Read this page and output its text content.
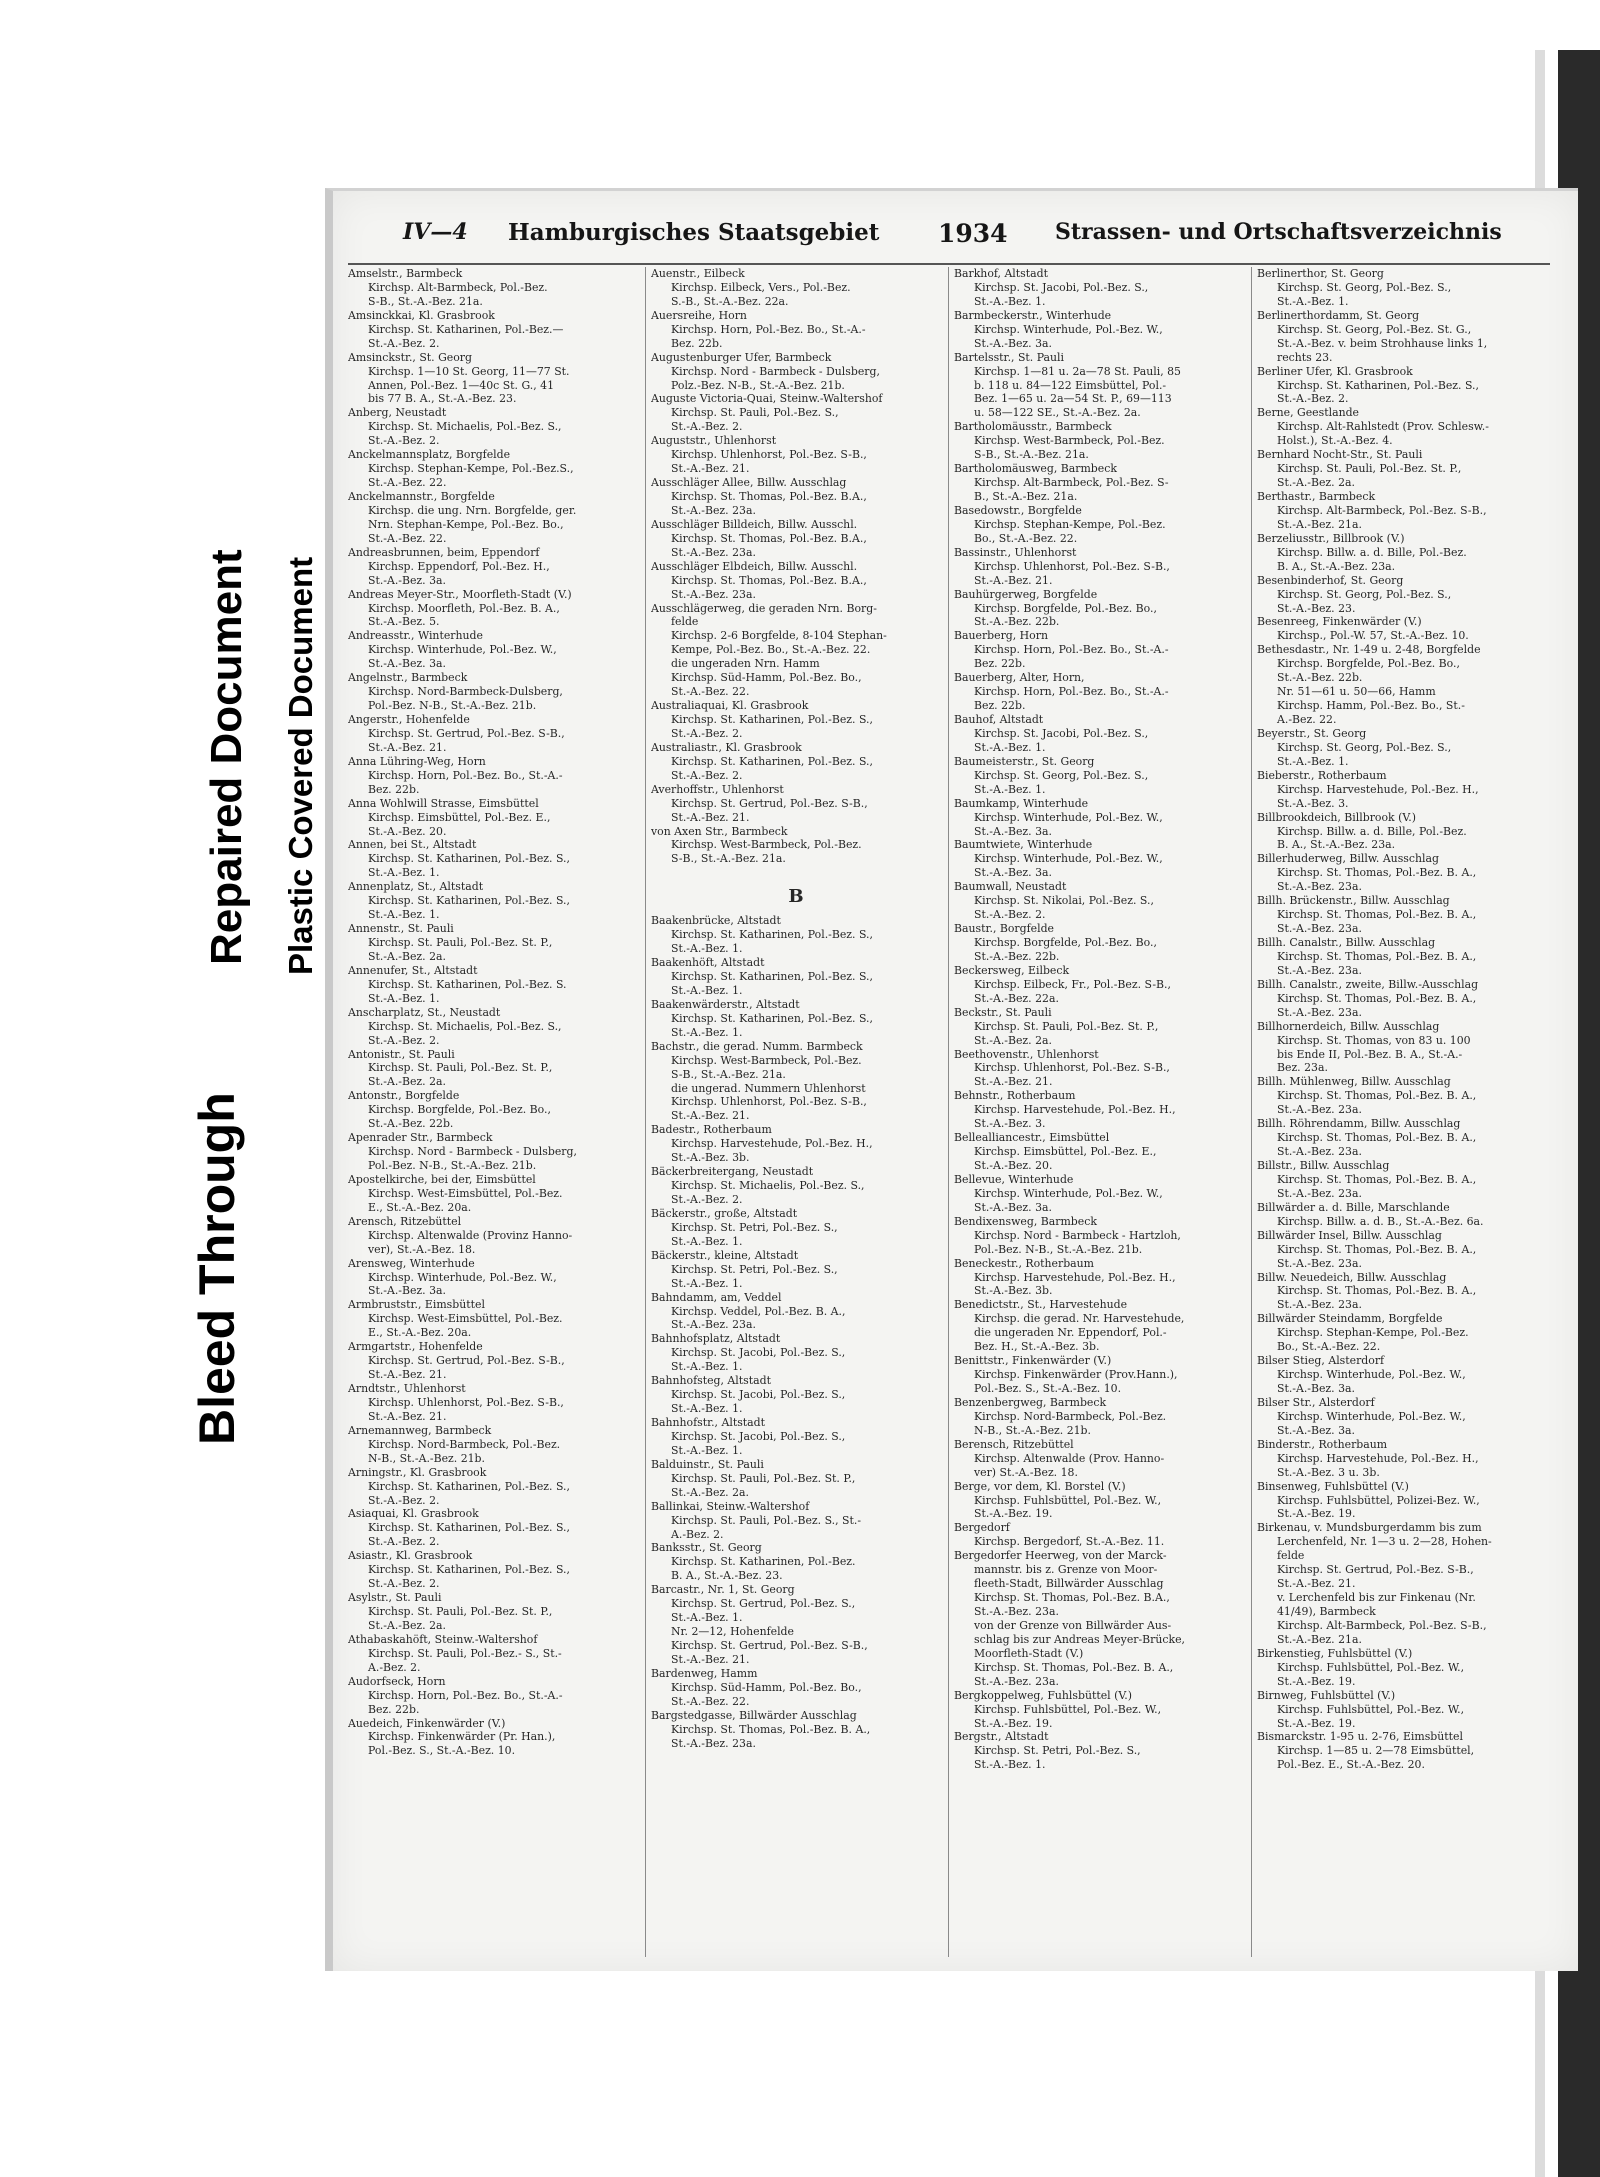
Bleed Through
Repaired Document Plastic Covered Document
IV—4 Hamburgisches Staatsgebiet 1934 Strassen- und Ortschaftsverzeichnis
Amselstr., Barmbeck
Kirchsp. Alt-Barmbeck, Pol.-Bez.
S-B., St.-A.-Bez. 21a.
Amsinckkai, Kl. Grasbrook
Kirchsp. St. Katharinen, Pol.-Bez.—
St.-A.-Bez. 2.
Amsinckstr., St. Georg
Kirchsp. 1—10 St. Georg, 11—77 St.
Annen, Pol.-Bez. 1—40c St. G., 41
bis 77 B. A., St.-A.-Bez. 23.
Anberg, Neustadt
Kirchsp. St. Michaelis, Pol.-Bez. S.,
St.-A.-Bez. 2.
Anckelmannsplatz, Borgfelde
Kirchsp. Stephan-Kempe, Pol.-Bez.S.,
St.-A.-Bez. 22.
Anckelmannstr., Borgfelde
Kirchsp. die ung. Nrn. Borgfelde, ger.
Nrn. Stephan-Kempe, Pol.-Bez. Bo.,
St.-A.-Bez. 22.
Andreasbrunnen, beim, Eppendorf
Kirchsp. Eppendorf, Pol.-Bez. H.,
St.-A.-Bez. 3a.
Andreas Meyer-Str., Moorfleth-Stadt (V.)
Kirchsp. Moorfleth, Pol.-Bez. B. A.,
St.-A.-Bez. 5.
Andreasstr., Winterhude
Kirchsp. Winterhude, Pol.-Bez. W.,
St.-A.-Bez. 3a.
Angelnstr., Barmbeck
Kirchsp. Nord-Barmbeck-Dulsberg,
Pol.-Bez. N-B., St.-A.-Bez. 21b.
Angerstr., Hohenfelde
Kirchsp. St. Gertrud, Pol.-Bez. S-B.,
St.-A.-Bez. 21.
Anna Lühring-Weg, Horn
Kirchsp. Horn, Pol.-Bez. Bo., St.-A.-
Bez. 22b.
Anna Wohlwill Strasse, Eimsbüttel
Kirchsp. Eimsbüttel, Pol.-Bez. E.,
St.-A.-Bez. 20.
Annen, bei St., Altstadt
Kirchsp. St. Katharinen, Pol.-Bez. S.,
St.-A.-Bez. 1.
Annenplatz, St., Altstadt
Kirchsp. St. Katharinen, Pol.-Bez. S.,
St.-A.-Bez. 1.
Annenstr., St. Pauli
Kirchsp. St. Pauli, Pol.-Bez. St. P.,
St.-A.-Bez. 2a.
Annenufer, St., Altstadt
Kirchsp. St. Katharinen, Pol.-Bez. S.
St.-A.-Bez. 1.
Anscharplatz, St., Neustadt
Kirchsp. St. Michaelis, Pol.-Bez. S.,
St.-A.-Bez. 2.
Antonistr., St. Pauli
Kirchsp. St. Pauli, Pol.-Bez. St. P.,
St.-A.-Bez. 2a.
Antonstr., Borgfelde
Kirchsp. Borgfelde, Pol.-Bez. Bo.,
St.-A.-Bez. 22b.
Apenrader Str., Barmbeck
Kirchsp. Nord - Barmbeck - Dulsberg,
Pol.-Bez. N-B., St.-A.-Bez. 21b.
Apostelkirche, bei der, Eimsbüttel
Kirchsp. West-Eimsbüttel, Pol.-Bez.
E., St.-A.-Bez. 20a.
Arensch, Ritzebüttel
Kirchsp. Altenwalde (Provinz Hanno-
ver), St.-A.-Bez. 18.
Arensweg, Winterhude
Kirchsp. Winterhude, Pol.-Bez. W.,
St.-A.-Bez. 3a.
Armbruststr., Eimsbüttel
Kirchsp. West-Eimsbüttel, Pol.-Bez.
E., St.-A.-Bez. 20a.
Armgartstr., Hohenfelde
Kirchsp. St. Gertrud, Pol.-Bez. S-B.,
St.-A.-Bez. 21.
Arndtstr., Uhlenhorst
Kirchsp. Uhlenhorst, Pol.-Bez. S-B.,
St.-A.-Bez. 21.
Arnemannweg, Barmbeck
Kirchsp. Nord-Barmbeck, Pol.-Bez.
N-B., St.-A.-Bez. 21b.
Arningstr., Kl. Grasbrook
Kirchsp. St. Katharinen, Pol.-Bez. S.,
St.-A.-Bez. 2.
Asiaquai, Kl. Grasbrook
Kirchsp. St. Katharinen, Pol.-Bez. S.,
St.-A.-Bez. 2.
Asiastr., Kl. Grasbrook
Kirchsp. St. Katharinen, Pol.-Bez. S.,
St.-A.-Bez. 2.
Asylstr., St. Pauli
Kirchsp. St. Pauli, Pol.-Bez. St. P.,
St.-A.-Bez. 2a.
Athabaskahöft, Steinw.-Waltershof
Kirchsp. St. Pauli, Pol.-Bez.- S., St.-
A.-Bez. 2.
Audorfseck, Horn
Kirchsp. Horn, Pol.-Bez. Bo., St.-A.-
Bez. 22b.
Auedeich, Finkenwärder (V.)
Kirchsp. Finkenwärder (Pr. Han.),
Pol.-Bez. S., St.-A.-Bez. 10.
Auenstr., Eilbeck
Kirchsp. Eilbeck, Vers., Pol.-Bez.
S.-B., St.-A.-Bez. 22a.
Auersreihe, Horn
Kirchsp. Horn, Pol.-Bez. Bo., St.-A.-
Bez. 22b.
Augustenburger Ufer, Barmbeck
Kirchsp. Nord - Barmbeck - Dulsberg,
Polz.-Bez. N-B., St.-A.-Bez. 21b.
Auguste Victoria-Quai, Steinw.-Waltershof
Kirchsp. St. Pauli, Pol.-Bez. S.,
St.-A.-Bez. 2.
Auguststr., Uhlenhorst
Kirchsp. Uhlenhorst, Pol.-Bez. S-B.,
St.-A.-Bez. 21.
Ausschläger Allee, Billw. Ausschlag
Kirchsp. St. Thomas, Pol.-Bez. B.A.,
St.-A.-Bez. 23a.
Ausschläger Billdeich, Billw. Ausschl.
Kirchsp. St. Thomas, Pol.-Bez. B.A.,
St.-A.-Bez. 23a.
Ausschläger Elbdeich, Billw. Ausschl.
Kirchsp. St. Thomas, Pol.-Bez. B.A.,
St.-A.-Bez. 23a.
Ausschlägerweg, die geraden Nrn. Borg-
felde
Kirchsp. 2-6 Borgfelde, 8-104 Stephan-
Kempe, Pol.-Bez. Bo., St.-A.-Bez. 22.
die ungeraden Nrn. Hamm
Kirchsp. Süd-Hamm, Pol.-Bez. Bo.,
St.-A.-Bez. 22.
Australiaquai, Kl. Grasbrook
Kirchsp. St. Katharinen, Pol.-Bez. S.,
St.-A.-Bez. 2.
Australiastr., Kl. Grasbrook
Kirchsp. St. Katharinen, Pol.-Bez. S.,
St.-A.-Bez. 2.
Averhoffstr., Uhlenhorst
Kirchsp. St. Gertrud, Pol.-Bez. S-B.,
St.-A.-Bez. 21.
von Axen Str., Barmbeck
Kirchsp. West-Barmbeck, Pol.-Bez.
S-B., St.-A.-Bez. 21a.
B
Baakenbrücke, Altstadt
Kirchsp. St. Katharinen, Pol.-Bez. S.,
St.-A.-Bez. 1.
Baakenhöft, Altstadt
Kirchsp. St. Katharinen, Pol.-Bez. S.,
St.-A.-Bez. 1.
Baakenwärderstr., Altstadt
Kirchsp. St. Katharinen, Pol.-Bez. S.,
St.-A.-Bez. 1.
Bachstr., die gerad. Numm. Barmbeck
Kirchsp. West-Barmbeck, Pol.-Bez.
S-B., St.-A.-Bez. 21a.
die ungerad. Nummern Uhlenhorst
Kirchsp. Uhlenhorst, Pol.-Bez. S-B.,
St.-A.-Bez. 21.
Badestr., Rotherbaum
Kirchsp. Harvestehude, Pol.-Bez. H.,
St.-A.-Bez. 3b.
Bäckerbreitergang, Neustadt
Kirchsp. St. Michaelis, Pol.-Bez. S.,
St.-A.-Bez. 2.
Bäckerstr., große, Altstadt
Kirchsp. St. Petri, Pol.-Bez. S.,
St.-A.-Bez. 1.
Bäckerstr., kleine, Altstadt
Kirchsp. St. Petri, Pol.-Bez. S.,
St.-A.-Bez. 1.
Bahndamm, am, Veddel
Kirchsp. Veddel, Pol.-Bez. B. A.,
St.-A.-Bez. 23a.
Bahnhofsplatz, Altstadt
Kirchsp. St. Jacobi, Pol.-Bez. S.,
St.-A.-Bez. 1.
Bahnhofsteg, Altstadt
Kirchsp. St. Jacobi, Pol.-Bez. S.,
St.-A.-Bez. 1.
Bahnhofstr., Altstadt
Kirchsp. St. Jacobi, Pol.-Bez. S.,
St.-A.-Bez. 1.
Balduinstr., St. Pauli
Kirchsp. St. Pauli, Pol.-Bez. St. P.,
St.-A.-Bez. 2a.
Ballinkai, Steinw.-Waltershof
Kirchsp. St. Pauli, Pol.-Bez. S., St.-
A.-Bez. 2.
Banksstr., St. Georg
Kirchsp. St. Katharinen, Pol.-Bez.
B. A., St.-A.-Bez. 23.
Barcastr., Nr. 1, St. Georg
Kirchsp. St. Gertrud, Pol.-Bez. S.,
St.-A.-Bez. 1.
Nr. 2—12, Hohenfelde
Kirchsp. St. Gertrud, Pol.-Bez. S-B.,
St.-A.-Bez. 21.
Bardenweg, Hamm
Kirchsp. Süd-Hamm, Pol.-Bez. Bo.,
St.-A.-Bez. 22.
Bargstedgasse, Billwärder Ausschlag
Kirchsp. St. Thomas, Pol.-Bez. B. A.,
St.-A.-Bez. 23a.
Barkhof, Altstadt
Kirchsp. St. Jacobi, Pol.-Bez. S.,
St.-A.-Bez. 1.
Barmbeckerstr., Winterhude
Kirchsp. Winterhude, Pol.-Bez. W.,
St.-A.-Bez. 3a.
Bartelsstr., St. Pauli
Kirchsp. 1—81 u. 2a—78 St. Pauli, 85
b. 118 u. 84—122 Eimsbüttel, Pol.-
Bez. 1—65 u. 2a—54 St. P., 69—113
u. 58—122 SE., St.-A.-Bez. 2a.
Bartholomäusstr., Barmbeck
Kirchsp. West-Barmbeck, Pol.-Bez.
S-B., St.-A.-Bez. 21a.
Bartholomäusweg, Barmbeck
Kirchsp. Alt-Barmbeck, Pol.-Bez. S-
B., St.-A.-Bez. 21a.
Basedowstr., Borgfelde
Kirchsp. Stephan-Kempe, Pol.-Bez.
Bo., St.-A.-Bez. 22.
Bassinstr., Uhlenhorst
Kirchsp. Uhlenhorst, Pol.-Bez. S-B.,
St.-A.-Bez. 21.
Bauhürgerweg, Borgfelde
Kirchsp. Borgfelde, Pol.-Bez. Bo.,
St.-A.-Bez. 22b.
Bauerberg, Horn
Kirchsp. Horn, Pol.-Bez. Bo., St.-A.-
Bez. 22b.
Bauerberg, Alter, Horn,
Kirchsp. Horn, Pol.-Bez. Bo., St.-A.-
Bez. 22b.
Bauhof, Altstadt
Kirchsp. St. Jacobi, Pol.-Bez. S.,
St.-A.-Bez. 1.
Baumeisterstr., St. Georg
Kirchsp. St. Georg, Pol.-Bez. S.,
St.-A.-Bez. 1.
Baumkamp, Winterhude
Kirchsp. Winterhude, Pol.-Bez. W.,
St.-A.-Bez. 3a.
Baumtwiete, Winterhude
Kirchsp. Winterhude, Pol.-Bez. W.,
St.-A.-Bez. 3a.
Baumwall, Neustadt
Kirchsp. St. Nikolai, Pol.-Bez. S.,
St.-A.-Bez. 2.
Baustr., Borgfelde
Kirchsp. Borgfelde, Pol.-Bez. Bo.,
St.-A.-Bez. 22b.
Beckersweg, Eilbeck
Kirchsp. Eilbeck, Fr., Pol.-Bez. S-B.,
St.-A.-Bez. 22a.
Beckstr., St. Pauli
Kirchsp. St. Pauli, Pol.-Bez. St. P.,
St.-A.-Bez. 2a.
Beethovenstr., Uhlenhorst
Kirchsp. Uhlenhorst, Pol.-Bez. S-B.,
St.-A.-Bez. 21.
Behnstr., Rotherbaum
Kirchsp. Harvestehude, Pol.-Bez. H.,
St.-A.-Bez. 3.
Bellealliancestr., Eimsbüttel
Kirchsp. Eimsbüttel, Pol.-Bez. E.,
St.-A.-Bez. 20.
Bellevue, Winterhude
Kirchsp. Winterhude, Pol.-Bez. W.,
St.-A.-Bez. 3a.
Bendixensweg, Barmbeck
Kirchsp. Nord - Barmbeck - Hartzloh,
Pol.-Bez. N-B., St.-A.-Bez. 21b.
Beneckestr., Rotherbaum
Kirchsp. Harvestehude, Pol.-Bez. H.,
St.-A.-Bez. 3b.
Benedictstr., St., Harvestehude
Kirchsp. die gerad. Nr. Harvestehude,
die ungeraden Nr. Eppendorf, Pol.-
Bez. H., St.-A.-Bez. 3b.
Benittstr., Finkenwärder (V.)
Kirchsp. Finkenwärder (Prov.Hann.),
Pol.-Bez. S., St.-A.-Bez. 10.
Benzenbergweg, Barmbeck
Kirchsp. Nord-Barmbeck, Pol.-Bez.
N-B., St.-A.-Bez. 21b.
Berensch, Ritzebüttel
Kirchsp. Altenwalde (Prov. Hanno-
ver) St.-A.-Bez. 18.
Berge, vor dem, Kl. Borstel (V.)
Kirchsp. Fuhlsbüttel, Pol.-Bez. W.,
St.-A.-Bez. 19.
Bergedorf
Kirchsp. Bergedorf, St.-A.-Bez. 11.
Bergedorfer Heerweg, von der Marck-
mannstr. bis z. Grenze von Moor-
fleeth-Stadt, Billwärder Ausschlag
Kirchsp. St. Thomas, Pol.-Bez. B.A.,
St.-A.-Bez. 23a.
von der Grenze von Billwärder Aus-
schlag bis zur Andreas Meyer-Brücke,
Moorfleth-Stadt (V.)
Kirchsp. St. Thomas, Pol.-Bez. B. A.,
St.-A.-Bez. 23a.
Bergkoppelweg, Fuhlsbüttel (V.)
Kirchsp. Fuhlsbüttel, Pol.-Bez. W.,
St.-A.-Bez. 19.
Bergstr., Altstadt
Kirchsp. St. Petri, Pol.-Bez. S.,
St.-A.-Bez. 1.
Berlinerthor, St. Georg
Kirchsp. St. Georg, Pol.-Bez. S.,
St.-A.-Bez. 1.
Berlinerthordamm, St. Georg
Kirchsp. St. Georg, Pol.-Bez. St. G.,
St.-A.-Bez. v. beim Strohhause links 1,
rechts 23.
Berliner Ufer, Kl. Grasbrook
Kirchsp. St. Katharinen, Pol.-Bez. S.,
St.-A.-Bez. 2.
Berne, Geestlande
Kirchsp. Alt-Rahlstedt (Prov. Schlesw.-
Holst.), St.-A.-Bez. 4.
Bernhard Nocht-Str., St. Pauli
Kirchsp. St. Pauli, Pol.-Bez. St. P.,
St.-A.-Bez. 2a.
Berthastr., Barmbeck
Kirchsp. Alt-Barmbeck, Pol.-Bez. S-B.,
St.-A.-Bez. 21a.
Berzeliusstr., Billbrook (V.)
Kirchsp. Billw. a. d. Bille, Pol.-Bez.
B. A., St.-A.-Bez. 23a.
Besenbinderhof, St. Georg
Kirchsp. St. Georg, Pol.-Bez. S.,
St.-A.-Bez. 23.
Besenreeg, Finkenwärder (V.)
Kirchsp., Pol.-W. 57, St.-A.-Bez. 10.
Bethesdastr., Nr. 1-49 u. 2-48, Borgfelde
Kirchsp. Borgfelde, Pol.-Bez. Bo.,
St.-A.-Bez. 22b.
Nr. 51—61 u. 50—66, Hamm
Kirchsp. Hamm, Pol.-Bez. Bo., St.-
A.-Bez. 22.
Beyerstr., St. Georg
Kirchsp. St. Georg, Pol.-Bez. S.,
St.-A.-Bez. 1.
Bieberstr., Rotherbaum
Kirchsp. Harvestehude, Pol.-Bez. H.,
St.-A.-Bez. 3.
Billbrookdeich, Billbrook (V.)
Kirchsp. Billw. a. d. Bille, Pol.-Bez.
B. A., St.-A.-Bez. 23a.
Billerhuderweg, Billw. Ausschlag
Kirchsp. St. Thomas, Pol.-Bez. B. A.,
St.-A.-Bez. 23a.
Billh. Brückenstr., Billw. Ausschlag
Kirchsp. St. Thomas, Pol.-Bez. B. A.,
St.-A.-Bez. 23a.
Billh. Canalstr., Billw. Ausschlag
Kirchsp. St. Thomas, Pol.-Bez. B. A.,
St.-A.-Bez. 23a.
Billh. Canalstr., zweite, Billw.-Ausschlag
Kirchsp. St. Thomas, Pol.-Bez. B. A.,
St.-A.-Bez. 23a.
Billhornerdeich, Billw. Ausschlag
Kirchsp. St. Thomas, von 83 u. 100
bis Ende II, Pol.-Bez. B. A., St.-A.-
Bez. 23a.
Billh. Mühlenweg, Billw. Ausschlag
Kirchsp. St. Thomas, Pol.-Bez. B. A.,
St.-A.-Bez. 23a.
Billh. Röhrendamm, Billw. Ausschlag
Kirchsp. St. Thomas, Pol.-Bez. B. A.,
St.-A.-Bez. 23a.
Billstr., Billw. Ausschlag
Kirchsp. St. Thomas, Pol.-Bez. B. A.,
St.-A.-Bez. 23a.
Billwärder a. d. Bille, Marschlande
Kirchsp. Billw. a. d. B., St.-A.-Bez. 6a.
Billwärder Insel, Billw. Ausschlag
Kirchsp. St. Thomas, Pol.-Bez. B. A.,
St.-A.-Bez. 23a.
Billw. Neuedeich, Billw. Ausschlag
Kirchsp. St. Thomas, Pol.-Bez. B. A.,
St.-A.-Bez. 23a.
Billwärder Steindamm, Borgfelde
Kirchsp. Stephan-Kempe, Pol.-Bez.
Bo., St.-A.-Bez. 22.
Bilser Stieg, Alsterdorf
Kirchsp. Winterhude, Pol.-Bez. W.,
St.-A.-Bez. 3a.
Bilser Str., Alsterdorf
Kirchsp. Winterhude, Pol.-Bez. W.,
St.-A.-Bez. 3a.
Binderstr., Rotherbaum
Kirchsp. Harvestehude, Pol.-Bez. H.,
St.-A.-Bez. 3 u. 3b.
Binsenweg, Fuhlsbüttel (V.)
Kirchsp. Fuhlsbüttel, Polizei-Bez. W.,
St.-A.-Bez. 19.
Birkenau, v. Mundsburgerdamm bis zum
Lerchenfeld, Nr. 1—3 u. 2—28, Hohen-
felde
Kirchsp. St. Gertrud, Pol.-Bez. S-B.,
St.-A.-Bez. 21.
v. Lerchenfeld bis zur Finkenau (Nr.
41/49), Barmbeck
Kirchsp. Alt-Barmbeck, Pol.-Bez. S-B.,
St.-A.-Bez. 21a.
Birkenstieg, Fuhlsbüttel (V.)
Kirchsp. Fuhlsbüttel, Pol.-Bez. W.,
St.-A.-Bez. 19.
Birnweg, Fuhlsbüttel (V.)
Kirchsp. Fuhlsbüttel, Pol.-Bez. W.,
St.-A.-Bez. 19.
Bismarckstr. 1-95 u. 2-76, Eimsbüttel
Kirchsp. 1—85 u. 2—78 Eimsbüttel,
Pol.-Bez. E., St.-A.-Bez. 20.
